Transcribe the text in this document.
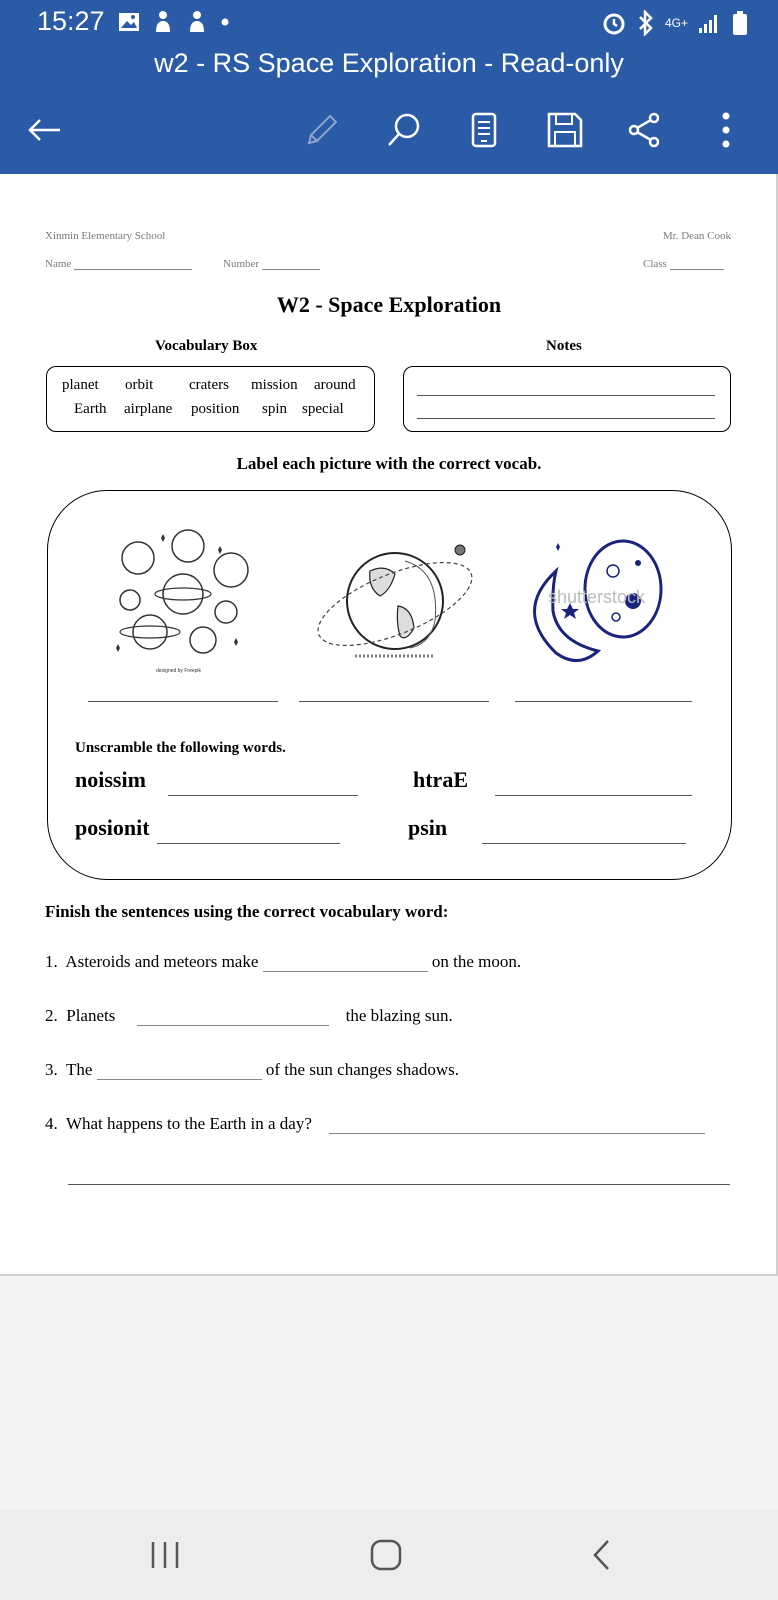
15:27	4G+
w2 - RS Space Exploration - Read-only
Xinmin Elementary School	Mr. Dean Cook
Name	Number	Class
W2 - Space Exploration
Vocabulary Box	Notes
planet orbit craters mission around
Earth airplane position spin special
Label each picture with the correct vocab.
designed by Freepik
shutterstock
Unscramble the following words.
noissim	htraE
posionit	psin
Finish the sentences using the correct vocabulary word:
1. Asteroids and meteors make	on the moon.
2. Planets	the blazing sun.
3. The	of the sun changes shadows.
4. What happens to the Earth in a day?
